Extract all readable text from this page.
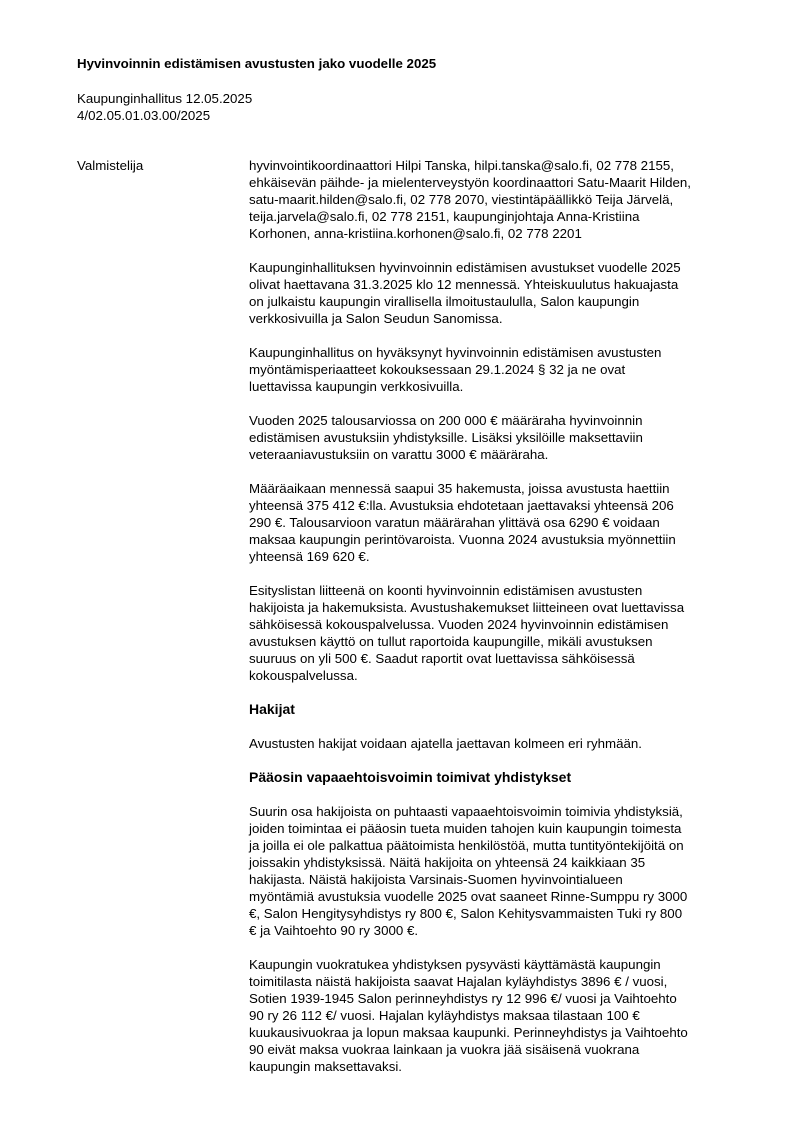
Hyvinvoinnin edistämisen avustusten jako vuodelle 2025
Kaupunginhallitus 12.05.2025
4/02.05.01.03.00/2025
Valmistelija	hyvinvointikoordinaattori Hilpi Tanska, hilpi.tanska@salo.fi, 02 778 2155,
ehkäisevän päihde- ja mielenterveystyön koordinaattori Satu-Maarit Hilden,
satu-maarit.hilden@salo.fi, 02 778 2070, viestintäpäällikkö Teija Järvelä,
teija.jarvela@salo.fi, 02 778 2151, kaupunginjohtaja Anna-Kristiina
Korhonen, anna-kristiina.korhonen@salo.fi, 02 778 2201
Kaupunginhallituksen hyvinvoinnin edistämisen avustukset vuodelle 2025
olivat haettavana 31.3.2025 klo 12 mennessä. Yhteiskuulutus hakuajasta
on julkaistu kaupungin virallisella ilmoitustaululla, Salon kaupungin
verkkosivuilla ja Salon Seudun Sanomissa.
Kaupunginhallitus on hyväksynyt hyvinvoinnin edistämisen avustusten
myöntämisperiaatteet kokouksessaan 29.1.2024 § 32 ja ne ovat
luettavissa kaupungin verkkosivuilla.
Vuoden 2025 talousarviossa on 200 000 € määräraha hyvinvoinnin
edistämisen avustuksiin yhdistyksille. Lisäksi yksilöille maksettaviin
veteraaniavustuksiin on varattu 3000 € määräraha.
Määräaikaan mennessä saapui 35 hakemusta, joissa avustusta haettiin
yhteensä 375 412 €:lla. Avustuksia ehdotetaan jaettavaksi yhteensä 206
290 €. Talousarvioon varatun määrärahan ylittävä osa 6290 € voidaan
maksaa kaupungin perintövaroista. Vuonna 2024 avustuksia myönnettiin
yhteensä 169 620 €.
Esityslistan liitteenä on koonti hyvinvoinnin edistämisen avustusten
hakijoista ja hakemuksista. Avustushakemukset liitteineen ovat luettavissa
sähköisessä kokouspalvelussa. Vuoden 2024 hyvinvoinnin edistämisen
avustuksen käyttö on tullut raportoida kaupungille, mikäli avustuksen
suuruus on yli 500 €. Saadut raportit ovat luettavissa sähköisessä
kokouspalvelussa.
Hakijat
Avustusten hakijat voidaan ajatella jaettavan kolmeen eri ryhmään.
Pääosin vapaaehtoisvoimin toimivat yhdistykset
Suurin osa hakijoista on puhtaasti vapaaehtoisvoimin toimivia yhdistyksiä,
joiden toimintaa ei pääosin tueta muiden tahojen kuin kaupungin toimesta
ja joilla ei ole palkattua päätoimista henkilöstöä, mutta tuntityöntekijöitä on
joissakin yhdistyksissä. Näitä hakijoita on yhteensä 24 kaikkiaan 35
hakijasta. Näistä hakijoista Varsinais-Suomen hyvinvointialueen
myöntämiä avustuksia vuodelle 2025 ovat saaneet Rinne-Sumppu ry 3000
€, Salon Hengitysyhdistys ry 800 €, Salon Kehitysvammaisten Tuki ry 800
€ ja Vaihtoehto 90 ry 3000 €.
Kaupungin vuokratukea yhdistyksen pysyvästi käyttämästä kaupungin
toimitilasta näistä hakijoista saavat Hajalan kyläyhdistys 3896 € / vuosi,
Sotien 1939-1945 Salon perinneyhdistys ry 12 996 €/ vuosi ja Vaihtoehto
90 ry 26 112 €/ vuosi. Hajalan kyläyhdistys maksaa tilastaan 100 €
kuukausivuokraa ja lopun maksaa kaupunki. Perinneyhdistys ja Vaihtoehto
90 eivät maksa vuokraa lainkaan ja vuokra jää sisäisenä vuokrana
kaupungin maksettavaksi.
